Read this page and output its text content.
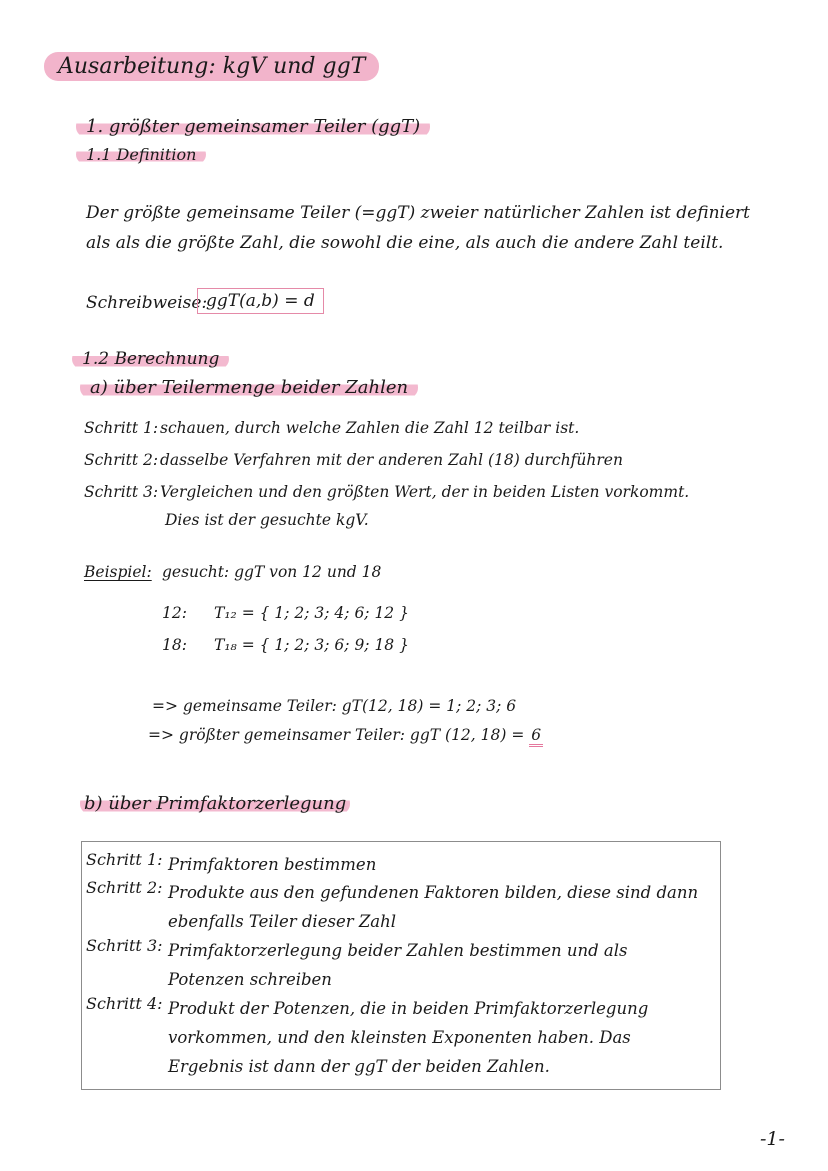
Ausarbeitung: kgV und ggT
1. größter gemeinsamer Teiler (ggT)
1.1 Definition
Der größte gemeinsame Teiler (=ggT) zweier natürlicher Zahlen ist definiert
als als die größte Zahl, die sowohl die eine, als auch die andere Zahl teilt.
Schreibweise:
ggT(a,b) = d
1.2 Berechnung
a) über Teilermenge beider Zahlen
Schritt 1: schauen, durch welche Zahlen die Zahl 12 teilbar ist.
Schritt 2: dasselbe Verfahren mit der anderen Zahl (18) durchführen
Schritt 3: Vergleichen und den größten Wert, der in beiden Listen vorkommt.
Dies ist der gesuchte kgV.
Beispiel: gesucht: ggT von 12 und 18
12: T₁₂ = { 1; 2; 3; 4; 6; 12 }
18: T₁₈ = { 1; 2; 3; 6; 9; 18 }
=> gemeinsame Teiler: gT(12, 18) = 1; 2; 3; 6
=> größter gemeinsamer Teiler: ggT (12, 18) = 6
b) über Primfaktorzerlegung
Schritt 1: Primfaktoren bestimmen
Schritt 2: Produkte aus den gefundenen Faktoren bilden, diese sind dann ebenfalls Teiler dieser Zahl
Schritt 3: Primfaktorzerlegung beider Zahlen bestimmen und als Potenzen schreiben
Schritt 4: Produkt der Potenzen, die in beiden Primfaktorzerlegung vorkommen, und den kleinsten Exponenten haben. Das Ergebnis ist dann der ggT der beiden Zahlen.
-1-
